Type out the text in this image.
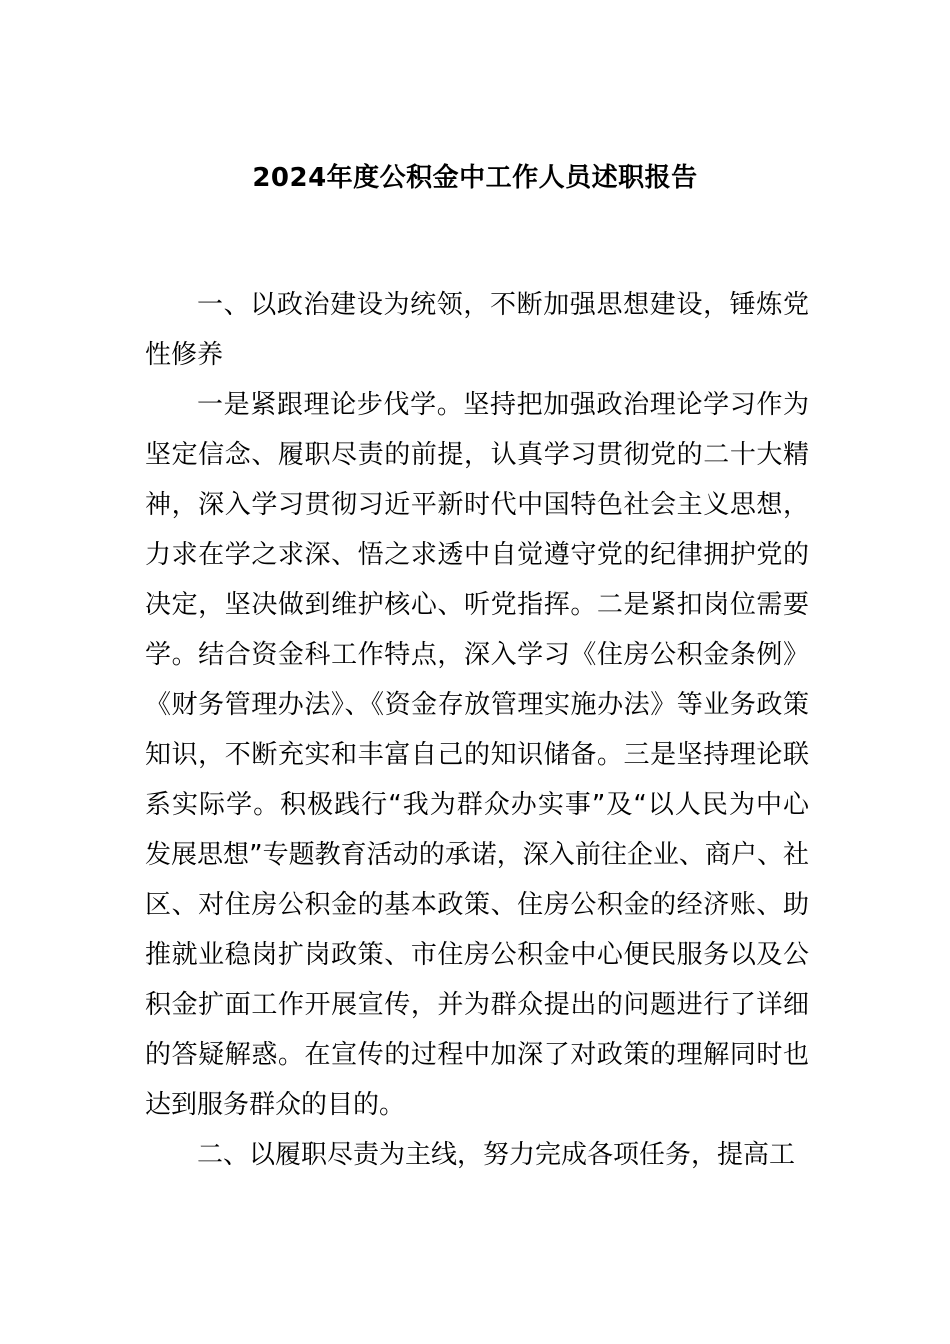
2024年度公积金中工作人员述职报告

一、以政治建设为统领，不断加强思想建设，锤炼党性修养

一是紧跟理论步伐学。坚持把加强政治理论学习作为坚定信念、履职尽责的前提，认真学习贯彻党的二十大精神，深入学习贯彻习近平新时代中国特色社会主义思想，力求在学之求深、悟之求透中自觉遵守党的纪律拥护党的决定，坚决做到维护核心、听党指挥。二是紧扣岗位需要学。结合资金科工作特点，深入学习《住房公积金条例》《财务管理办法》、《资金存放管理实施办法》等业务政策知识，不断充实和丰富自己的知识储备。三是坚持理论联系实际学。积极践行“我为群众办实事”及“以人民为中心发展思想”专题教育活动的承诺，深入前往企业、商户、社区、对住房公积金的基本政策、住房公积金的经济账、助推就业稳岗扩岗政策、市住房公积金中心便民服务以及公积金扩面工作开展宣传，并为群众提出的问题进行了详细的答疑解惑。在宣传的过程中加深了对政策的理解同时也达到服务群众的目的。

二、以履职尽责为主线，努力完成各项任务，提高工
